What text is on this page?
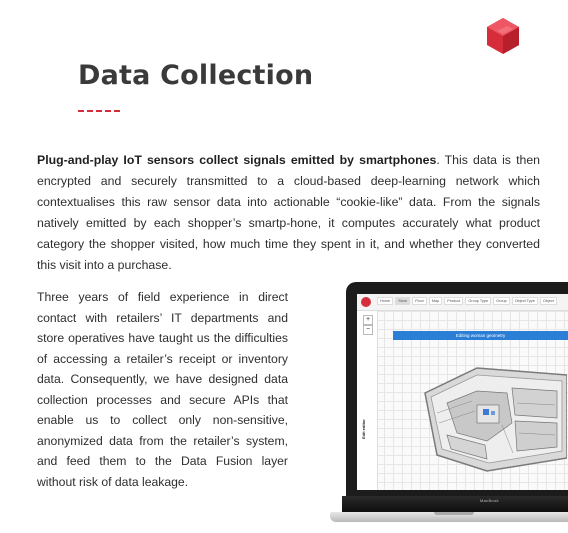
Data Collection

Plug-and-play IoT sensors collect signals emitted by smartphones. This data is then encrypted and securely transmitted to a cloud-based deep-learning network which contextualises this raw sensor data into actionable “cookie-like” data. From the signals natively emitted by each shopper’s smartp-hone, it computes accurately what product category the shopper visited, how much time they spent in it, and whether they converted this visit into a purchase.

Three years of field experience in direct contact with retailers’ IT departments and store operatives have taught us the difficulties of accessing a retailer’s receipt or inventory data. Consequently, we have designed data collection processes and secure APIs that enable us to collect only non-sensitive, anonymized data from the retailer’s system, and feed them to the Data Fusion layer without risk of data leakage.

Home	Store	Floor	Map	Product	Group Type	Group	Object Type	Object
+
−
Edit editor
Editing woman geometry
MacBook
